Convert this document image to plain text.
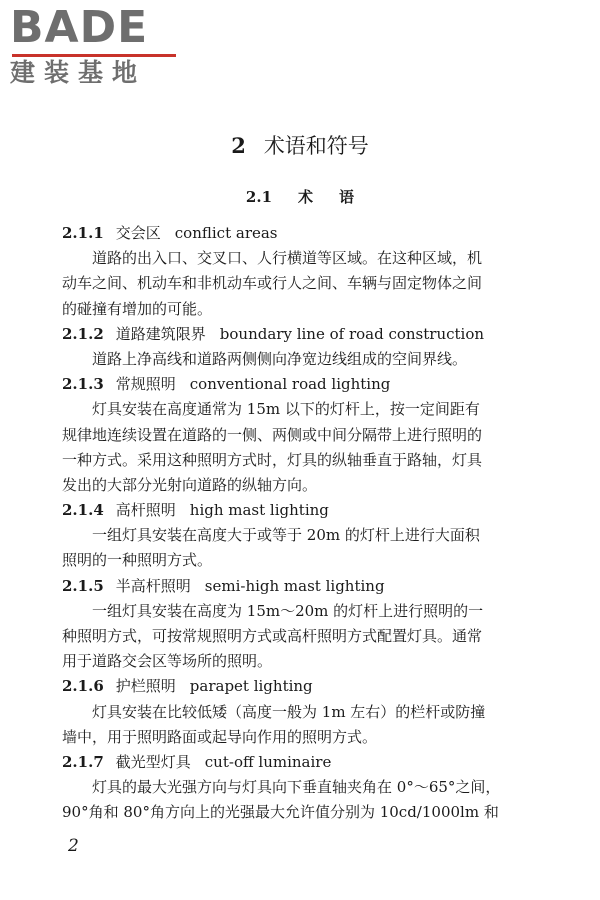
BADE
建装基地
2 术语和符号
2.1 术 语
2.1.1 交会区 conflict areas
道路的出入口、交叉口、人行横道等区域。在这种区域，机
动车之间、机动车和非机动车或行人之间、车辆与固定物体之间
的碰撞有增加的可能。
2.1.2 道路建筑限界 boundary line of road construction
道路上净高线和道路两侧侧向净宽边线组成的空间界线。
2.1.3 常规照明 conventional road lighting
灯具安装在高度通常为 15m 以下的灯杆上，按一定间距有
规律地连续设置在道路的一侧、两侧或中间分隔带上进行照明的
一种方式。采用这种照明方式时，灯具的纵轴垂直于路轴，灯具
发出的大部分光射向道路的纵轴方向。
2.1.4 高杆照明 high mast lighting
一组灯具安装在高度大于或等于 20m 的灯杆上进行大面积
照明的一种照明方式。
2.1.5 半高杆照明 semi-high mast lighting
一组灯具安装在高度为 15m～20m 的灯杆上进行照明的一
种照明方式，可按常规照明方式或高杆照明方式配置灯具。通常
用于道路交会区等场所的照明。
2.1.6 护栏照明 parapet lighting
灯具安装在比较低矮（高度一般为 1m 左右）的栏杆或防撞
墙中，用于照明路面或起导向作用的照明方式。
2.1.7 截光型灯具 cut-off luminaire
灯具的最大光强方向与灯具向下垂直轴夹角在 0°～65°之间，
90°角和 80°角方向上的光强最大允许值分别为 10cd/1000lm 和
2
